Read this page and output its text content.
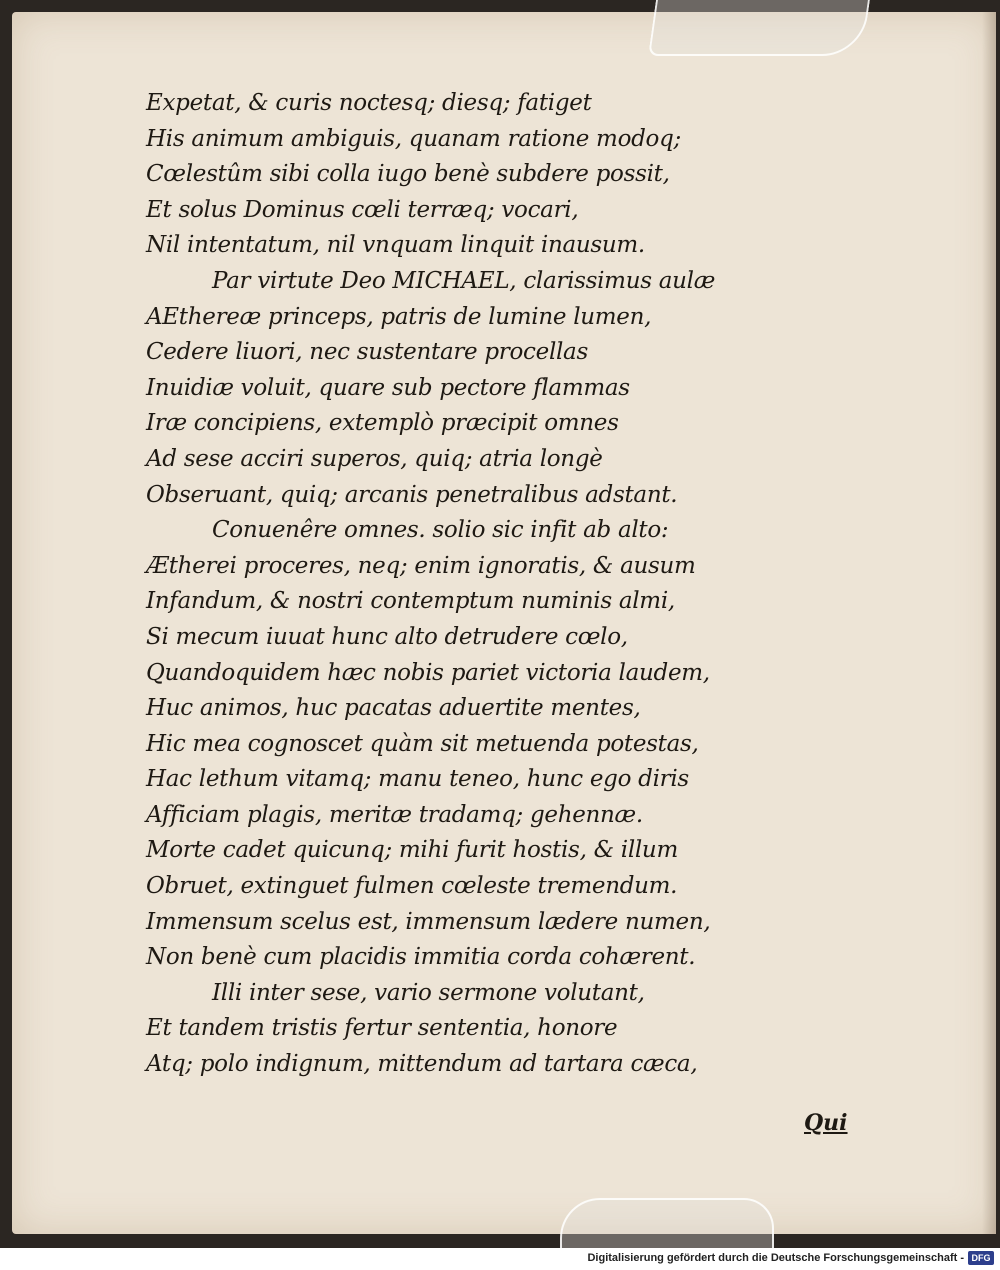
Expetat, & curis noctesq; diesq; fatiget
His animum ambiguis, quanam ratione modoq;
Cœlestûm sibi colla iugo benè subdere possit,
Et solus Dominus cœli terræq; vocari,
Nil intentatum, nil vnquam linquit inausum.
Par virtute Deo MICHAEL, clarissimus aulæ
AEthereæ princeps, patris de lumine lumen,
Cedere liuori, nec sustentare procellas
Inuidiæ voluit, quare sub pectore flammas
Iræ concipiens, extemplò præcipit omnes
Ad sese acciri superos, quiq; atria longè
Obseruant, quiq; arcanis penetralibus adstant.
Conuenêre omnes. solio sic infit ab alto:
Ætherei proceres, neq; enim ignoratis, & ausum
Infandum, & nostri contemptum numinis almi,
Si mecum iuuat hunc alto detrudere cœlo,
Quandoquidem hæc nobis pariet victoria laudem,
Huc animos, huc pacatas aduertite mentes,
Hic mea cognoscet quàm sit metuenda potestas,
Hac lethum vitamq; manu teneo, hunc ego diris
Afficiam plagis, meritæ tradamq; gehennæ.
Morte cadet quicunq; mihi furit hostis, & illum
Obruet, extinguet fulmen cœleste tremendum.
Immensum scelus est, immensum lædere numen,
Non benè cum placidis immitia corda cohærent.
Illi inter sese, vario sermone volutant,
Et tandem tristis fertur sententia, honore
Atq; polo indignum, mittendum ad tartara cæca,
Qui
Digitalisierung gefördert durch die Deutsche Forschungsgemeinschaft - DFG
